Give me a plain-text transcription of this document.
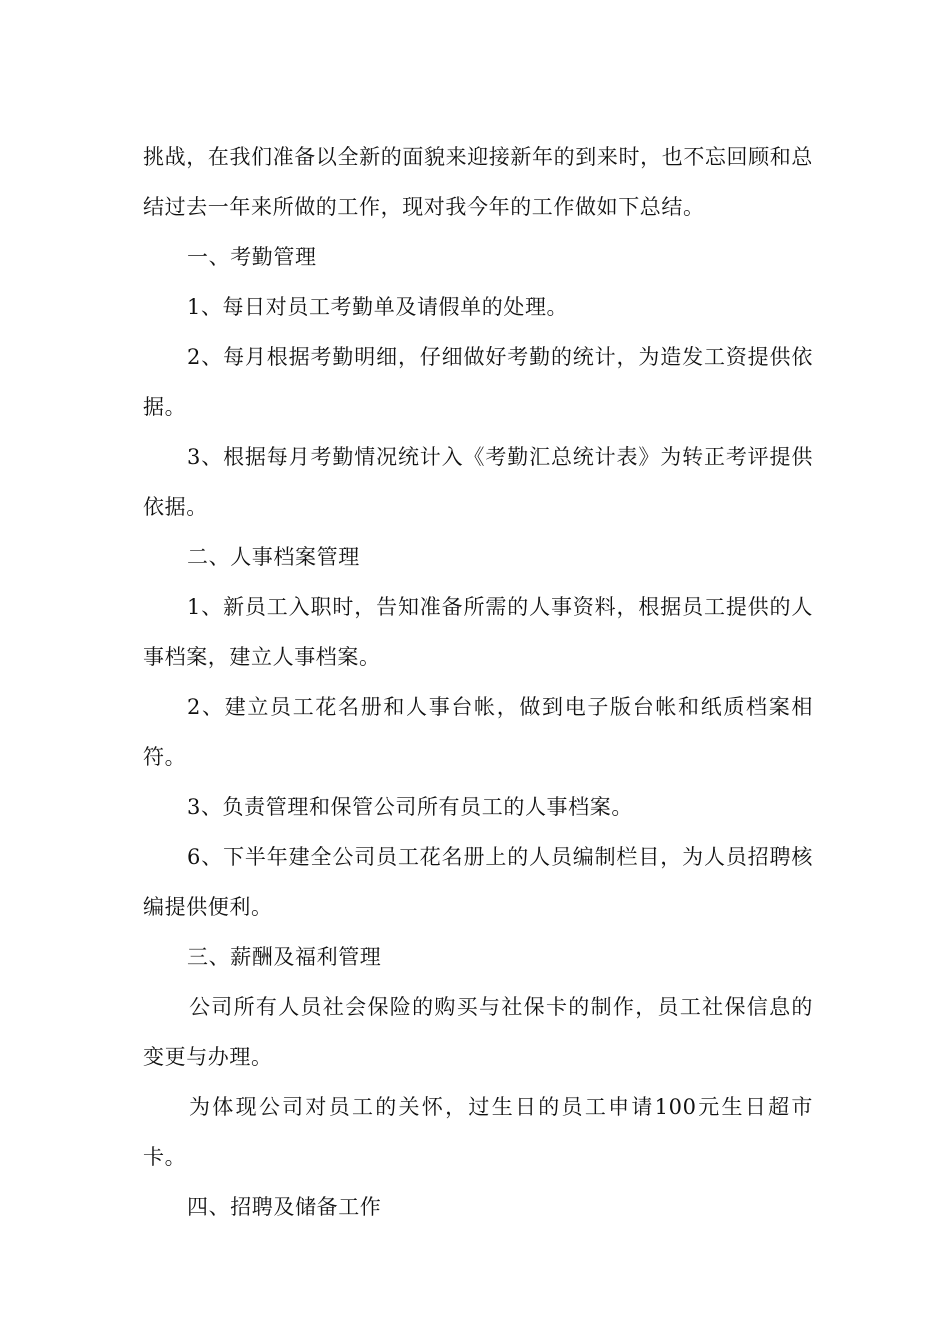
挑战，在我们准备以全新的面貌来迎接新年的到来时，也不忘回顾和总结过去一年来所做的工作，现对我今年的工作做如下总结。

一、考勤管理

1、每日对员工考勤单及请假单的处理。

2、每月根据考勤明细，仔细做好考勤的统计，为造发工资提供依据。

3、根据每月考勤情况统计入《考勤汇总统计表》为转正考评提供依据。

二、人事档案管理

1、新员工入职时，告知准备所需的人事资料，根据员工提供的人事档案，建立人事档案。

2、建立员工花名册和人事台帐，做到电子版台帐和纸质档案相符。

3、负责管理和保管公司所有员工的人事档案。

6、下半年建全公司员工花名册上的人员编制栏目，为人员招聘核编提供便利。

三、薪酬及福利管理

公司所有人员社会保险的购买与社保卡的制作，员工社保信息的变更与办理。

为体现公司对员工的关怀，过生日的员工申请100元生日超市卡。

四、招聘及储备工作
